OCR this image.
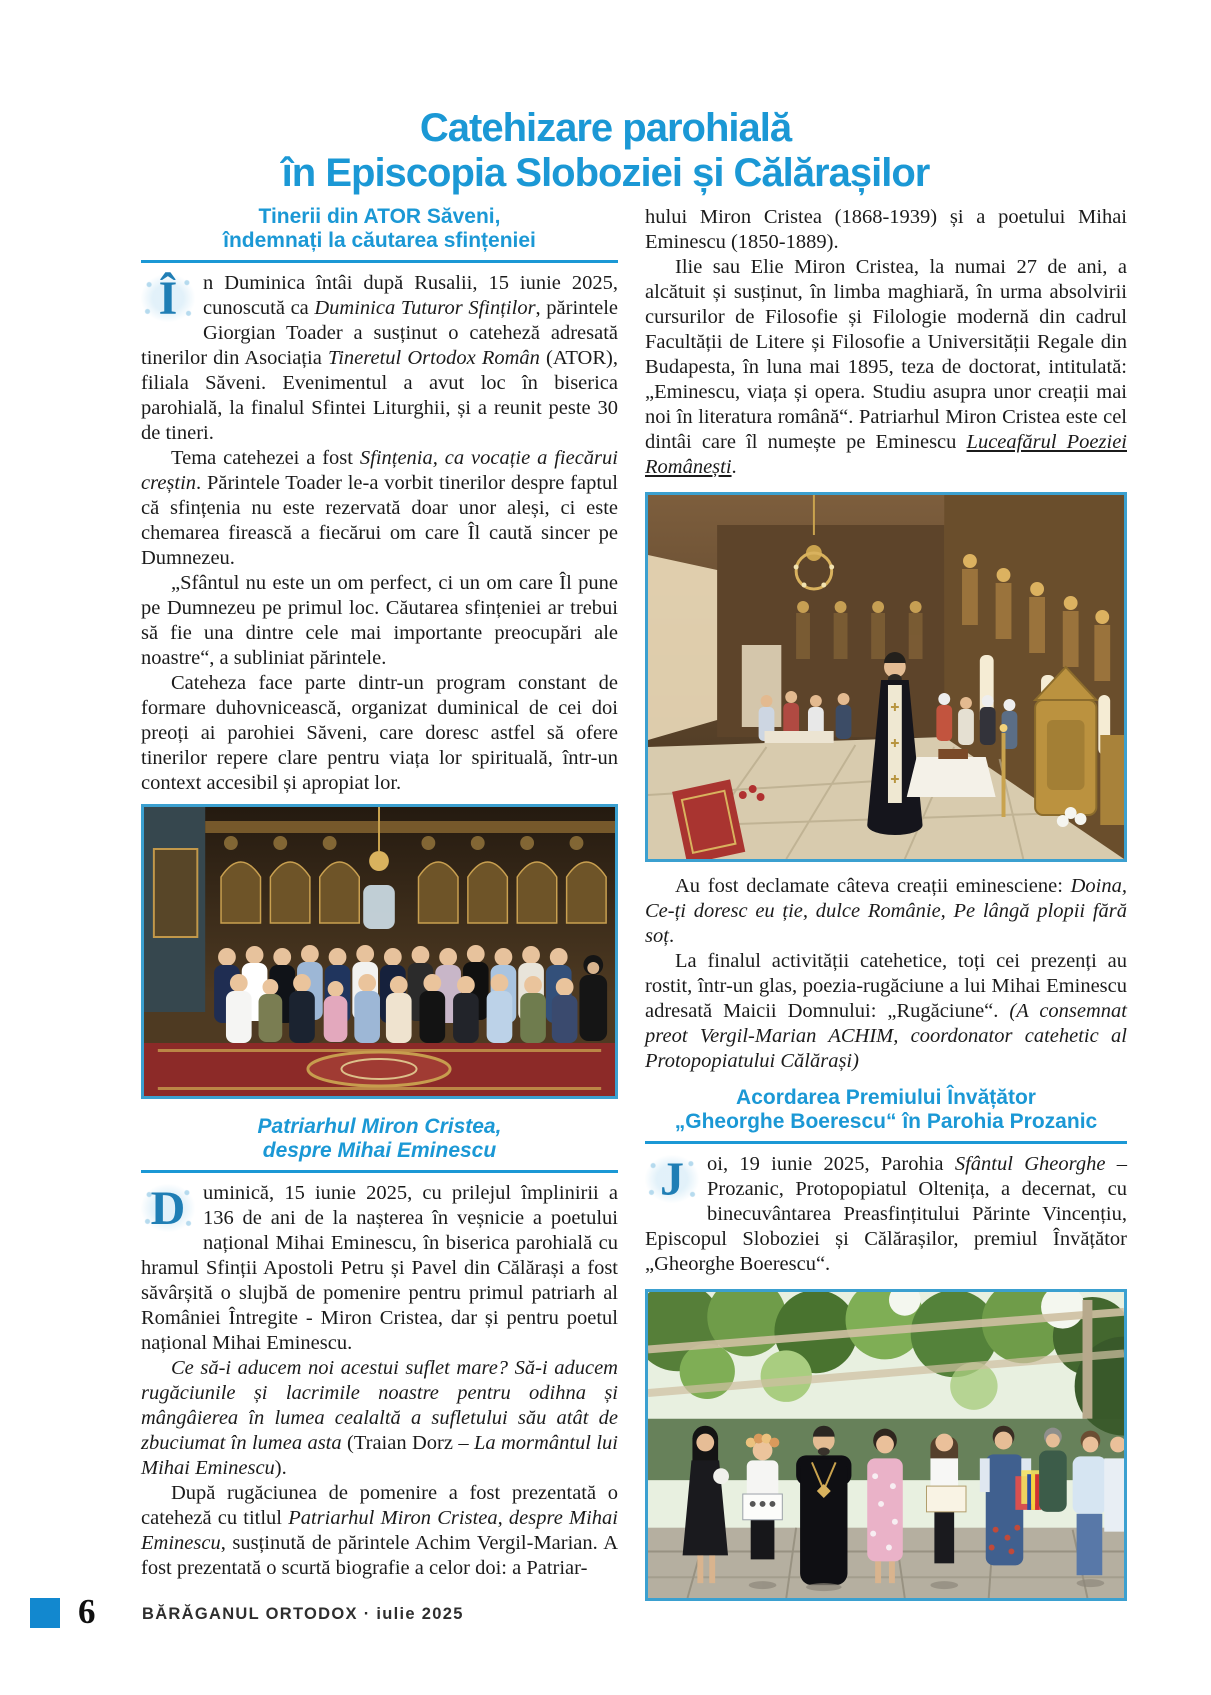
Catehizare parohială
în Episcopia Sloboziei și Călărașilor
Tinerii din ATOR Săveni,
îndemnați la căutarea sfințeniei

Î	n Duminica întâi după Rusalii, 15 iunie 2025, cunoscută ca Duminica Tuturor Sfinților, părintele Giorgian Toader a susținut o cateheză adresată tinerilor din Asociația Tineretul Ortodox Român (ATOR), filiala Săveni. Evenimentul a avut loc în biserica parohială, la finalul Sfintei Liturghii, și a reunit peste 30 de tineri.

Tema catehezei a fost Sfințenia, ca vocație a fiecărui creștin. Părintele Toader le-a vorbit tinerilor despre faptul că sfințenia nu este rezervată doar unor aleși, ci este chemarea firească a fiecărui om care Îl caută sincer pe Dumnezeu.

„Sfântul nu este un om perfect, ci un om care Îl pune pe Dumnezeu pe primul loc. Căutarea sfințeniei ar trebui să fie una dintre cele mai importante preocupări ale noastre“, a subliniat părintele.

Cateheza face parte dintr-un program constant de formare duhovnicească, organizat duminical de cei doi preoți ai parohiei Săveni, care doresc astfel să ofere tinerilor repere clare pentru viața lor spirituală, într-un context accesibil și apropiat lor.

Patriarhul Miron Cristea,
despre Mihai Eminescu

D uminică, 15 iunie 2025, cu prilejul împlinirii a 136 de ani de la nașterea în veșnicie a poetului național Mihai Eminescu, în biserica parohială cu hramul Sfinții Apostoli Petru și Pavel din Călărași a fost săvârșită o slujbă de pomenire pentru primul patriarh al României Întregite - Miron Cristea, dar și pentru poetul național Mihai Eminescu.

Ce să-i aducem noi acestui suflet mare? Să-i aducem rugăciunile și lacrimile noastre pentru odihna și mângâierea în lumea cealaltă a sufletului său atât de zbuciumat în lumea asta (Traian Dorz – La mormântul lui Mihai Eminescu).

După rugăciunea de pomenire a fost prezentată o cateheză cu titlul Patriarhul Miron Cristea, despre Mihai Eminescu, susținută de părintele Achim Vergil-Marian. A fost prezentată o scurtă biografie a celor doi: a Patriar-

hului Miron Cristea (1868-1939) și a poetului Mihai Eminescu (1850-1889).

Ilie sau Elie Miron Cristea, la numai 27 de ani, a alcătuit și susținut, în limba maghiară, în urma absolvirii cursurilor de Filosofie și Filologie modernă din cadrul Facultății de Litere și Filosofie a Universității Regale din Budapesta, în luna mai 1895, teza de doctorat, intitulată: „Eminescu, viața și opera. Studiu asupra unor creații mai noi în literatura română“. Patriarhul Miron Cristea este cel dintâi care îl numește pe Eminescu Luceafărul Poeziei Românești.

Au fost declamate câteva creații eminesciene: Doina, Ce-ți doresc eu ție, dulce Românie, Pe lângă plopii fără soț.

La finalul activității catehetice, toți cei prezenți au rostit, într-un glas, poezia-rugăciune a lui Mihai Eminescu adresată Maicii Domnului: „Rugăciune“. (A consemnat preot Vergil-Marian ACHIM, coordonator catehetic al Protopopiatului Călărași)

Acordarea Premiului Învățător
„Gheorghe Boerescu“ în Parohia Prozanic

J	oi, 19 iunie 2025, Parohia Sfântul Gheorghe – Prozanic, Protopopiatul Oltenița, a decernat, cu binecuvântarea Preasfințitului Părinte Vincențiu, Episcopul Sloboziei și Călărașilor, premiul Învățător „Gheorghe Boerescu“.

6	BĂRĂGANUL ORTODOX · iulie 2025
